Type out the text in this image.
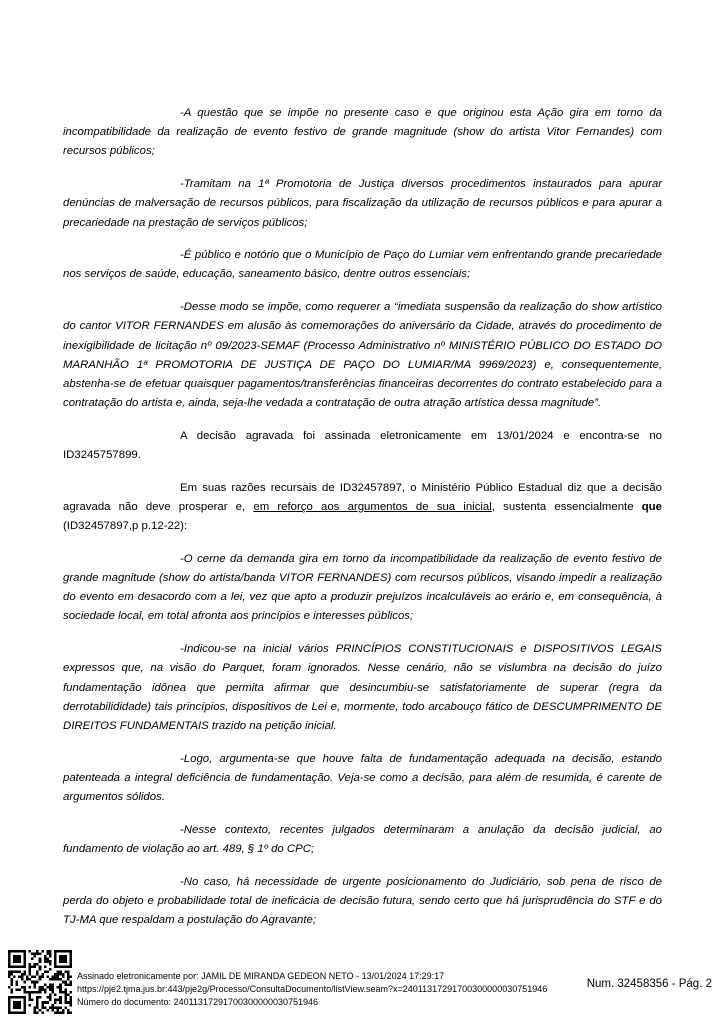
-A questão que se impõe no presente caso e que originou esta Ação gira em torno da incompatibilidade da realização de evento festivo de grande magnitude (show do artista Vitor Fernandes) com recursos públicos;

-Tramitam na 1ª Promotoria de Justiça diversos procedimentos instaurados para apurar denúncias de malversação de recursos públicos, para fiscalização da utilização de recursos públicos e para apurar a precariedade na prestação de serviços públicos;

-É público e notório que o Município de Paço do Lumiar vem enfrentando grande precariedade nos serviços de saúde, educação, saneamento básico, dentre outros essenciais;

-Desse modo se impõe, como requerer a “imediata suspensão da realização do show artístico do cantor VITOR FERNANDES em alusão às comemorações do aniversário da Cidade, através do procedimento de inexigibilidade de licitação nº 09/2023-SEMAF (Processo Administrativo nº MINISTÉRIO PÚBLICO DO ESTADO DO MARANHÃO 1ª PROMOTORIA DE JUSTIÇA DE PAÇO DO LUMIAR/MA 9969/2023) e, consequentemente, abstenha-se de efetuar quaisquer pagamentos/transferências financeiras decorrentes do contrato estabelecido para a contratação do artista e, ainda, seja-lhe vedada a contratação de outra atração artística dessa magnitude”.

A decisão agravada foi assinada eletronicamente em 13/01/2024 e encontra-se no ID3245757899.

Em suas razões recursais de ID32457897, o Ministério Público Estadual diz que a decisão agravada não deve prosperar e, em reforço aos argumentos de sua inicial, sustenta essencialmente que (ID32457897,p p.12-22):

-O cerne da demanda gira em torno da incompatibilidade da realização de evento festivo de grande magnitude (show do artista/banda VITOR FERNANDES) com recursos públicos, visando impedir a realização do evento em desacordo com a lei, vez que apto a produzir prejuízos incalculáveis ao erário e, em consequência, à sociedade local, em total afronta aos princípios e interesses públicos;

-Indicou-se na inicial vários PRINCÍPIOS CONSTITUCIONAIS e DISPOSITIVOS LEGAIS expressos que, na visão do Parquet, foram ignorados. Nesse cenário, não se vislumbra na decisão do juízo fundamentação idônea que permita afirmar que desincumbiu-se satisfatoriamente de superar (regra da derrotabilididade) tais princípios, dispositivos de Lei e, mormente, todo arcabouço fático de DESCUMPRIMENTO DE DIREITOS FUNDAMENTAIS trazido na petição inicial.

-Logo, argumenta-se que houve falta de fundamentação adequada na decisão, estando patenteada a integral deficiência de fundamentação. Veja-se como a decisão, para além de resumida, é carente de argumentos sólidos.

-Nesse contexto, recentes julgados determinaram a anulação da decisão judicial, ao fundamento de violação ao art. 489, § 1º do CPC;

-No caso, há necessidade de urgente posicionamento do Judiciário, sob pena de risco de perda do objeto e probabilidade total de ineficácia de decisão futura, sendo certo que há jurisprudência do STF e do TJ-MA que respaldam a postulação do Agravante;

Assinado eletronicamente por: JAMIL DE MIRANDA GEDEON NETO - 13/01/2024 17:29:17
https://pje2.tjma.jus.br:443/pje2g/Processo/ConsultaDocumento/listView.seam?x=24011317291700300000030751946
Número do documento: 24011317291700300000030751946
Num. 32458356 - Pág. 2
